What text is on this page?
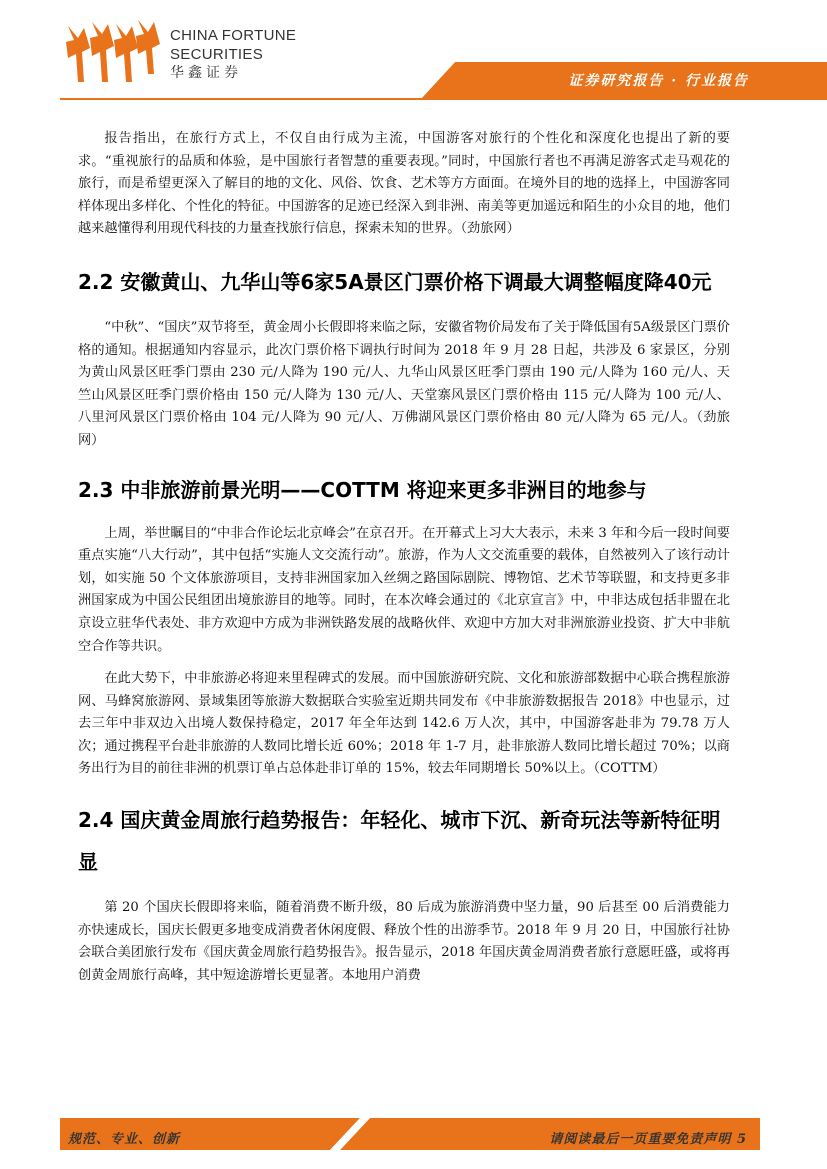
CHINA FORTUNE
SECURITIES
华鑫证券	证券研究报告 · 行业报告

报告指出，在旅行方式上，不仅自由行成为主流，中国游客对旅行的个性化和深度化也提出了新的要求。“重视旅行的品质和体验，是中国旅行者智慧的重要表现。”同时，中国旅行者也不再满足游客式走马观花的旅行，而是希望更深入了解目的地的文化、风俗、饮食、艺术等方方面面。在境外目的地的选择上，中国游客同样体现出多样化、个性化的特征。中国游客的足迹已经深入到非洲、南美等更加遥远和陌生的小众目的地，他们越来越懂得利用现代科技的力量查找旅行信息，探索未知的世界。（劲旅网）

2.2 安徽黄山、九华山等6家5A景区门票价格下调最大调整幅度降40元

“中秋”、“国庆”双节将至，黄金周小长假即将来临之际，安徽省物价局发布了关于降低国有5A级景区门票价格的通知。根据通知内容显示，此次门票价格下调执行时间为 2018 年 9 月 28 日起，共涉及 6 家景区，分别为黄山风景区旺季门票由 230 元/人降为 190 元/人、九华山风景区旺季门票由 190 元/人降为 160 元/人、天竺山风景区旺季门票价格由 150 元/人降为 130 元/人、天堂寨风景区门票价格由 115 元/人降为 100 元/人、八里河风景区门票价格由 104 元/人降为 90 元/人、万佛湖风景区门票价格由 80 元/人降为 65 元/人。（劲旅网）

2.3 中非旅游前景光明——COTTM 将迎来更多非洲目的地参与

上周，举世瞩目的“中非合作论坛北京峰会”在京召开。在开幕式上习大大表示，未来 3 年和今后一段时间要重点实施“八大行动”，其中包括“实施人文交流行动”。旅游，作为人文交流重要的载体，自然被列入了该行动计划，如实施 50 个文体旅游项目，支持非洲国家加入丝绸之路国际剧院、博物馆、艺术节等联盟，和支持更多非洲国家成为中国公民组团出境旅游目的地等。同时，在本次峰会通过的《北京宣言》中，中非达成包括非盟在北京设立驻华代表处、非方欢迎中方成为非洲铁路发展的战略伙伴、欢迎中方加大对非洲旅游业投资、扩大中非航空合作等共识。

在此大势下，中非旅游必将迎来里程碑式的发展。而中国旅游研究院、文化和旅游部数据中心联合携程旅游网、马蜂窝旅游网、景域集团等旅游大数据联合实验室近期共同发布《中非旅游数据报告 2018》中也显示，过去三年中非双边入出境人数保持稳定，2017 年全年达到 142.6 万人次，其中，中国游客赴非为 79.78 万人次；通过携程平台赴非旅游的人数同比增长近 60%；2018 年 1-7 月，赴非旅游人数同比增长超过 70%；以商务出行为目的前往非洲的机票订单占总体赴非订单的 15%，较去年同期增长 50%以上。（COTTM）

2.4 国庆黄金周旅行趋势报告：年轻化、城市下沉、新奇玩法等新特征明显

第 20 个国庆长假即将来临，随着消费不断升级，80 后成为旅游消费中坚力量，90 后甚至 00 后消费能力亦快速成长，国庆长假更多地变成消费者休闲度假、释放个性的出游季节。2018 年 9 月 20 日，中国旅行社协会联合美团旅行发布《国庆黄金周旅行趋势报告》。报告显示，2018 年国庆黄金周消费者旅行意愿旺盛，或将再创黄金周旅行高峰，其中短途游增长更显著。本地用户消费

规范、专业、创新	请阅读最后一页重要免责声明 5
